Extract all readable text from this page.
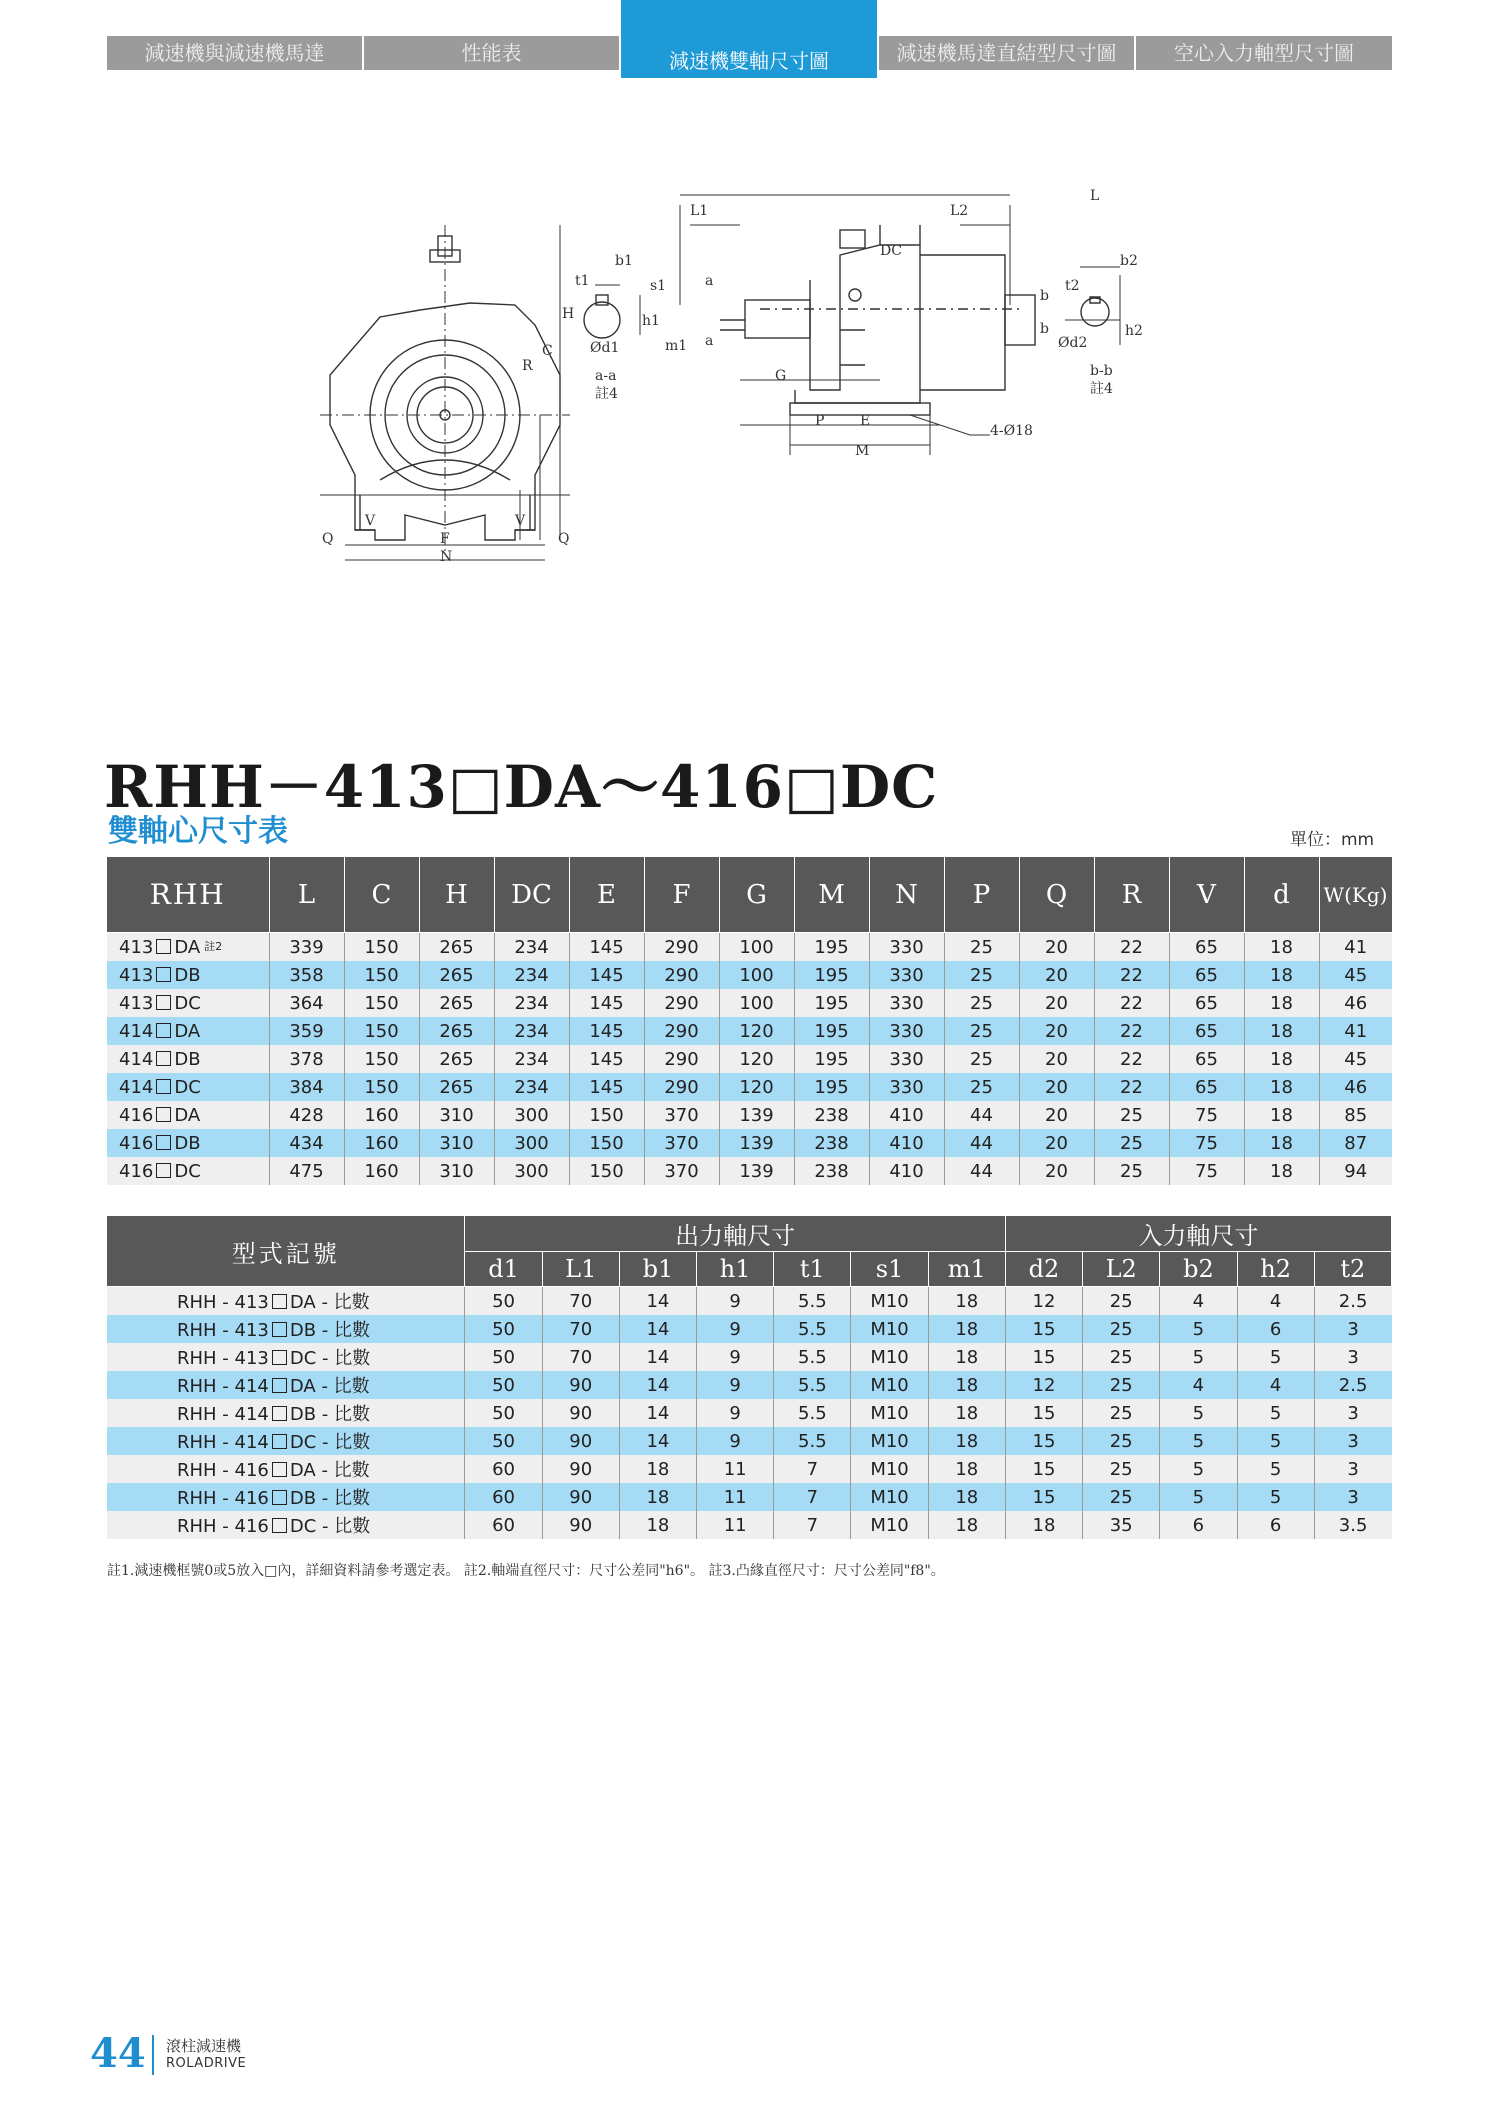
減速機與減速機馬達	性能表	減速機雙軸尺寸圖	減速機馬達直結型尺寸圖	空心入力軸型尺寸圖
H
C
R
V	V
F
N
Q	Q
t1
b1
s1
h1
Ød1	m1
a-a
註4
a
a
L
L2
L1
DC
G
P	E
M
4-Ø18
b
b
t2
b2
h2
Ød2
b-b
註4
RHH－413□DA～416□DC
雙軸心尺寸表	單位：mm
RHH	L	C	H	DC	E	F	G	M	N	P	Q	R	V	d	W(Kg)
413 DA 註2	339	150	265	234	145	290	100	195	330	25	20	22	65	18	41
413 DB	358	150	265	234	145	290	100	195	330	25	20	22	65	18	45
413 DC	364	150	265	234	145	290	100	195	330	25	20	22	65	18	46
414 DA	359	150	265	234	145	290	120	195	330	25	20	22	65	18	41
414 DB	378	150	265	234	145	290	120	195	330	25	20	22	65	18	45
414 DC	384	150	265	234	145	290	120	195	330	25	20	22	65	18	46
416 DA	428	160	310	300	150	370	139	238	410	44	20	25	75	18	85
416 DB	434	160	310	300	150	370	139	238	410	44	20	25	75	18	87
416 DC	475	160	310	300	150	370	139	238	410	44	20	25	75	18	94
型式記號	出力軸尺寸							入力軸尺寸				
	d1	L1	b1	h1	t1	s1	m1	d2	L2	b2	h2	t2
RHH - 413 DA - 比數	50	70	14	9	5.5	M10	18	12	25	4	4	2.5
RHH - 413 DB - 比數	50	70	14	9	5.5	M10	18	15	25	5	6	3
RHH - 413 DC - 比數	50	70	14	9	5.5	M10	18	15	25	5	5	3
RHH - 414 DA - 比數	50	90	14	9	5.5	M10	18	12	25	4	4	2.5
RHH - 414 DB - 比數	50	90	14	9	5.5	M10	18	15	25	5	5	3
RHH - 414 DC - 比數	50	90	14	9	5.5	M10	18	15	25	5	5	3
RHH - 416 DA - 比數	60	90	18	11	7	M10	18	15	25	5	5	3
RHH - 416 DB - 比數	60	90	18	11	7	M10	18	15	25	5	5	3
RHH - 416 DC - 比數	60	90	18	11	7	M10	18	18	35	6	6	3.5
註1.減速機框號0或5放入□內，詳細資料請參考選定表。 註2.軸端直徑尺寸：尺寸公差同"h6"。 註3.凸緣直徑尺寸：尺寸公差同"f8"。
44 滾柱減速機
ROLADRIVE
